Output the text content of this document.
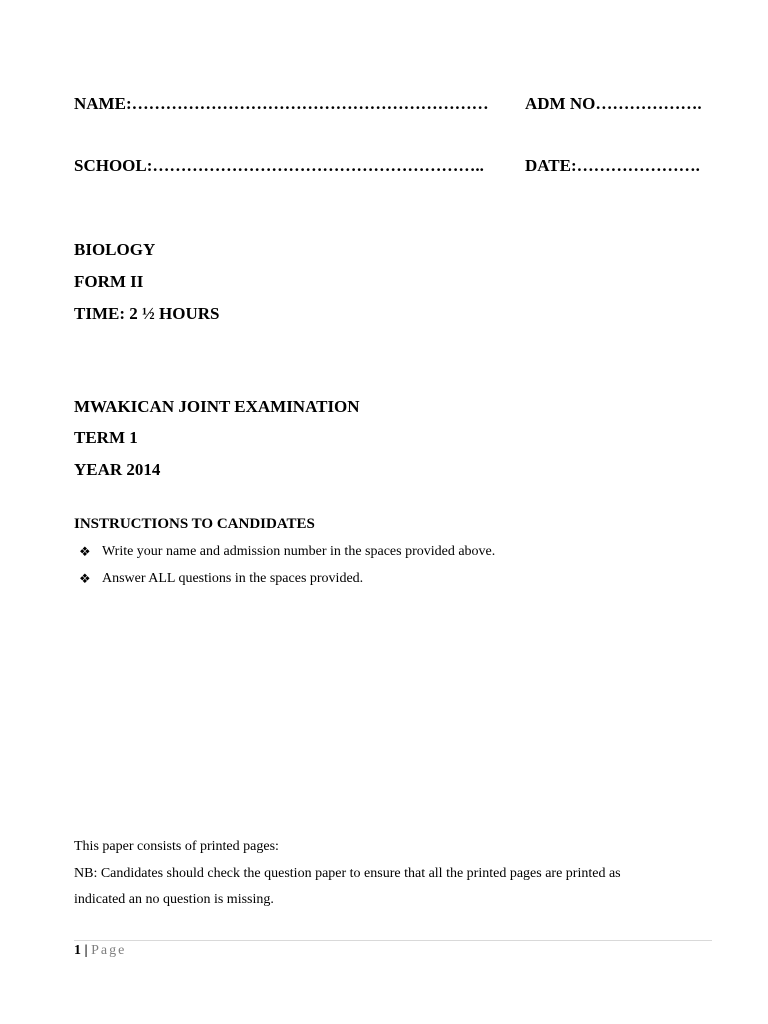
NAME:……………………………………………………… ADM NO……………….
SCHOOL:………………………………………………….. DATE:………………….
BIOLOGY
FORM II
TIME: 2 ½ HOURS
MWAKICAN JOINT EXAMINATION
TERM 1
YEAR 2014
INSTRUCTIONS TO CANDIDATES
❖ Write your name and admission number in the spaces provided above.
❖ Answer ALL questions in the spaces provided.
This paper consists of printed pages:
NB: Candidates should check the question paper to ensure that all the printed pages are printed as
indicated an no question is missing.
1 | Page
